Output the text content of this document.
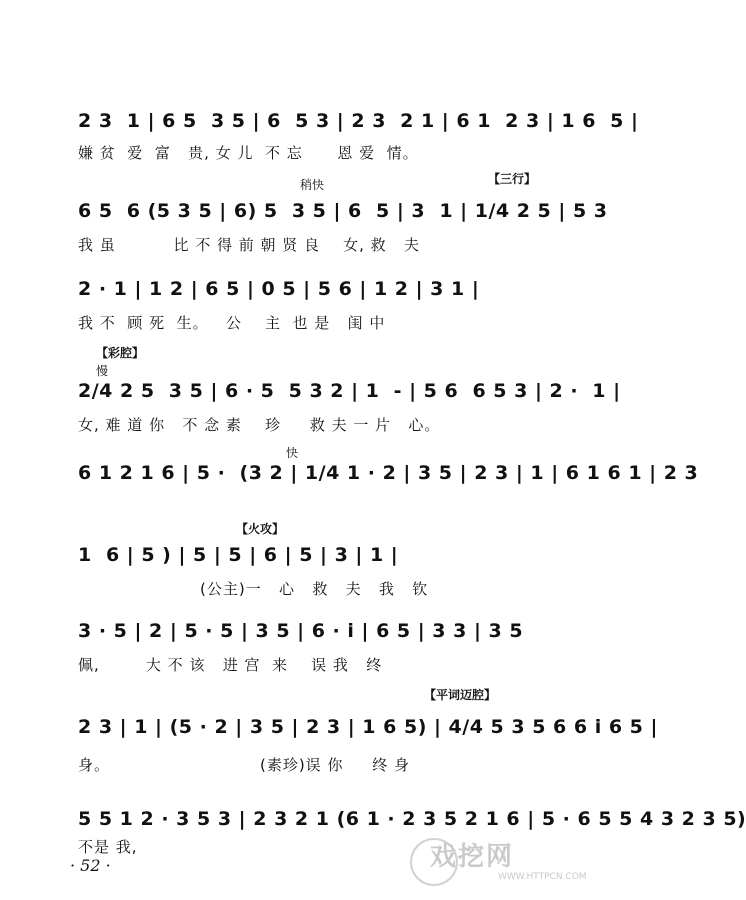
2 3  1 | 6 5  3 5 | 6  5 3 | 2 3  2 1 | 6 1  2 3 | 1 6  5 |
嫌 贫  爱  富   贵, 女 儿  不 忘      恩 爱  情。
稍快	【三行】
6 5  6 (5 3 5 | 6) 5  3 5 | 6  5 | 3  1 | 1/4 2 5 | 5 3
我 虽          比 不 得 前 朝 贤 良    女, 救   夫
2 · 1 | 1 2 | 6 5 | 0 5 | 5 6 | 1 2 | 3 1 |
我 不  顾 死  生。   公    主  也 是   闺 中
【彩腔】
慢
2/4 2 5  3 5 | 6 · 5  5 3 2 | 1  - | 5 6  6 5 3 | 2 ·  1 |
女, 难 道 你   不 念 素    珍     救 夫 一 片   心。
快
6 1 2 1 6 | 5 ·  (3 2 | 1/4 1 · 2 | 3 5 | 2 3 | 1 | 6 1 6 1 | 2 3
【火攻】
1  6 | 5 ) | 5 | 5 | 6 | 5 | 3 | 1 |
(公主)一   心   救   夫   我   钦
3 · 5 | 2 | 5 · 5 | 3 5 | 6 · i | 6 5 | 3 3 | 3 5
佩,        大 不 该   进 宫  来    误 我   终
【平词迈腔】
2 3 | 1 | (5 · 2 | 3 5 | 2 3 | 1 6 5) | 4/4 5 3 5 6 6 i 6 5 |
身。                          (素珍)误 你     终 身
5 5 1 2 · 3 5 3 | 2 3 2 1 (6 1 · 2 3 5 2 1 6 | 5 · 6 5 5 4 3 2 3 5)
不是 我,
· 52 ·	戏挖网
WWW.HTTPCN.COM
